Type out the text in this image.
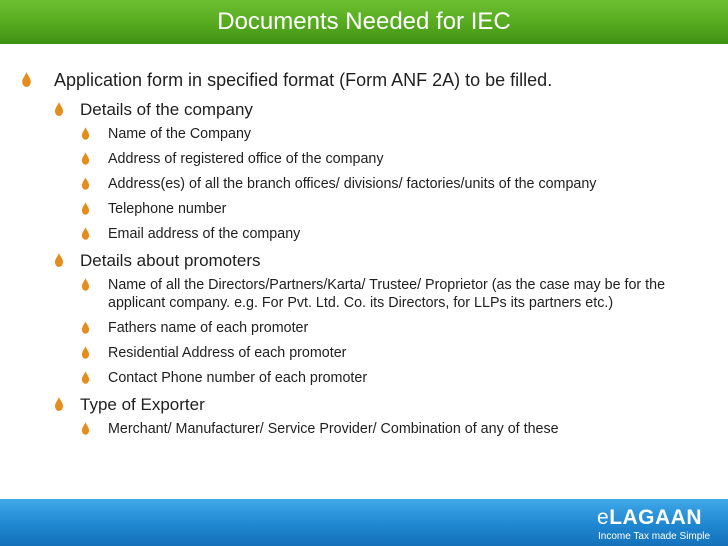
Documents Needed for IEC
Application form in specified format (Form ANF 2A) to be filled.
Details of the company
Name of the Company
Address of registered office of the company
Address(es) of all the branch offices/ divisions/ factories/units of the company
Telephone number
Email address of the company
Details about promoters
Name of all the Directors/Partners/Karta/ Trustee/ Proprietor (as the case may be for the applicant company. e.g. For Pvt. Ltd. Co. its Directors, for LLPs its partners etc.)
Fathers name of each promoter
Residential Address of each promoter
Contact Phone number of each promoter
Type of Exporter
Merchant/ Manufacturer/ Service Provider/ Combination of any of these
eLAGAAN
Income Tax made Simple
